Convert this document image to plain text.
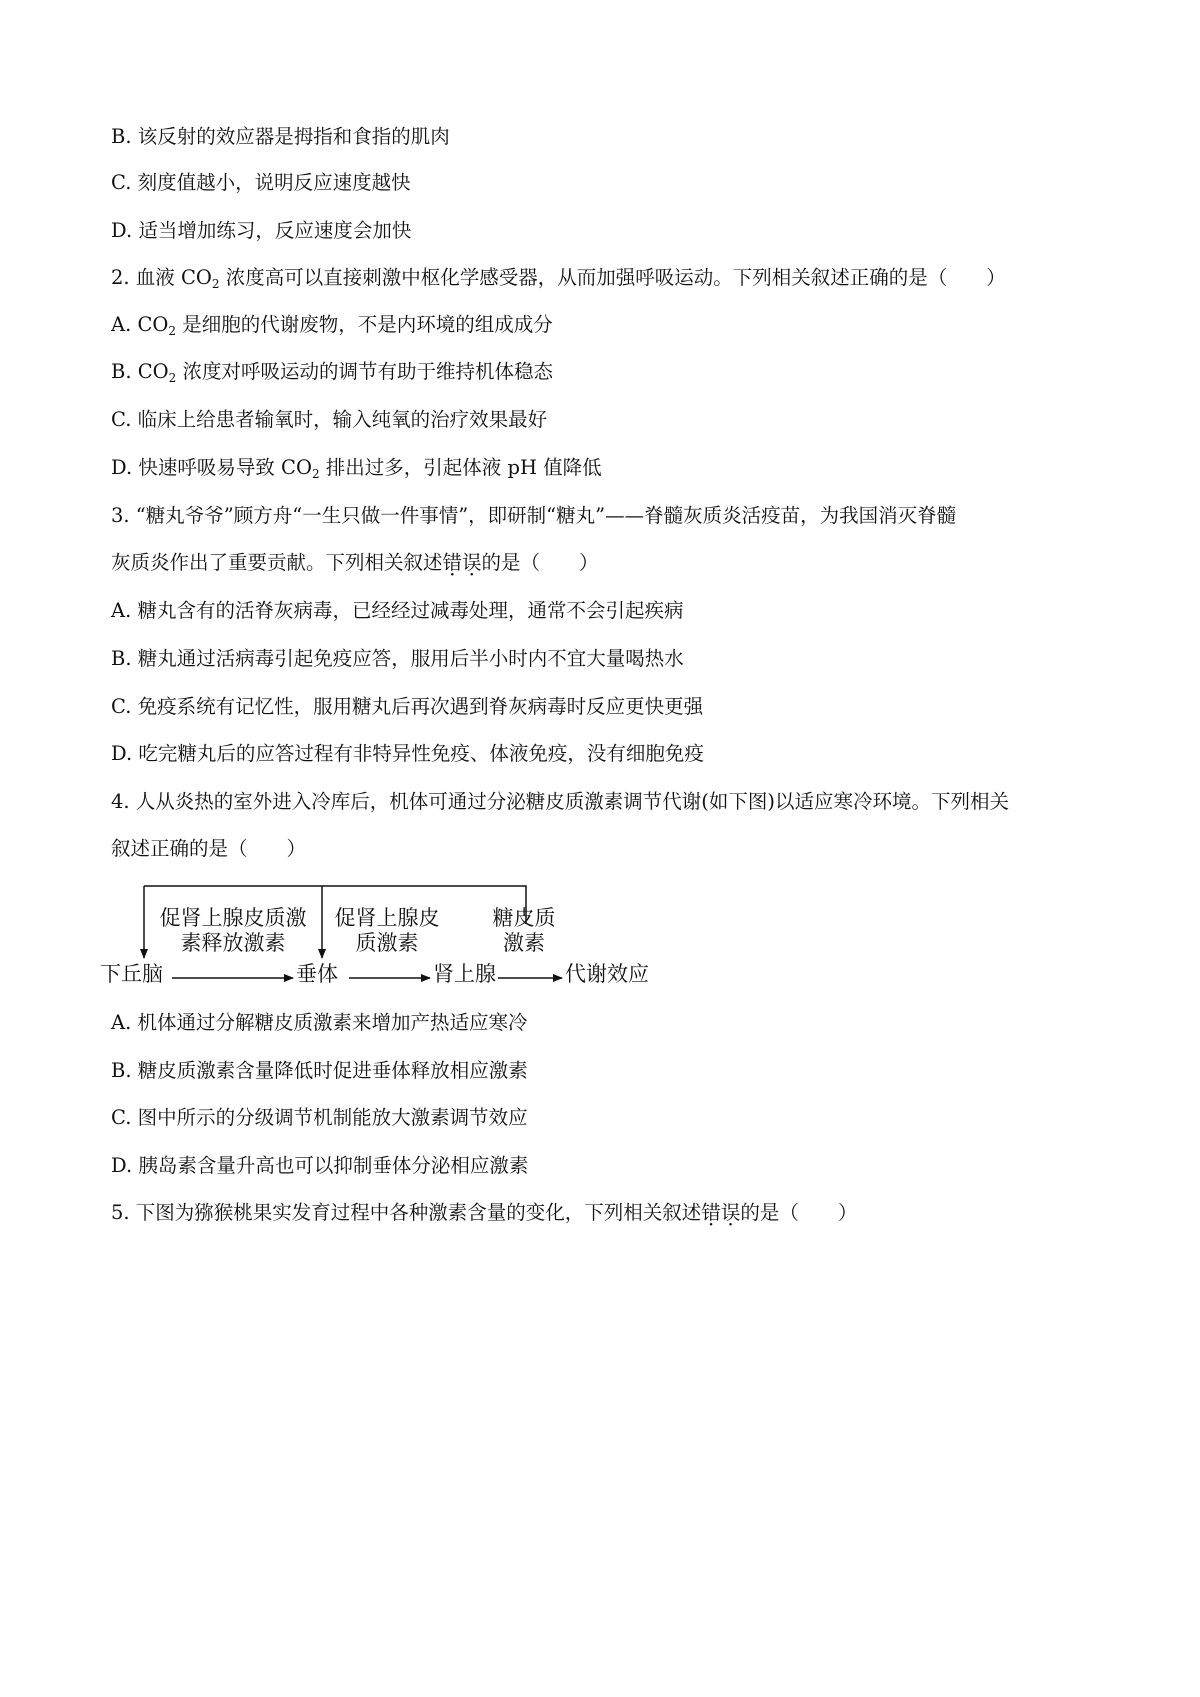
B. 该反射的效应器是拇指和食指的肌肉
C. 刻度值越小，说明反应速度越快
D. 适当增加练习，反应速度会加快
2. 血液 $CO_2$ 浓度高可以直接刺激中枢化学感受器，从而加强呼吸运动。下列相关叙述正确的是（　　）
A. $CO_2$ 是细胞的代谢废物，不是内环境的组成成分
B. $CO_2$ 浓度对呼吸运动的调节有助于维持机体稳态
C. 临床上给患者输氧时，输入纯氧的治疗效果最好
D. 快速呼吸易导致 $CO_2$ 排出过多，引起体液 pH 值降低
3. “糖丸爷爷”顾方舟“一生只做一件事情”，即研制“糖丸”——脊髓灰质炎活疫苗，为我国消灭脊髓
灰质炎作出了重要贡献。下列相关叙述错误的是（　　）
A. 糖丸含有的活脊灰病毒，已经经过减毒处理，通常不会引起疾病
B. 糖丸通过活病毒引起免疫应答，服用后半小时内不宜大量喝热水
C. 免疫系统有记忆性，服用糖丸后再次遇到脊灰病毒时反应更快更强
D. 吃完糖丸后的应答过程有非特异性免疫、体液免疫，没有细胞免疫
4. 人从炎热的室外进入冷库后，机体可通过分泌糖皮质激素调节代谢(如下图)以适应寒冷环境。下列相关
叙述正确的是（　　）
下丘脑	垂体	肾上腺	代谢效应
促肾上腺皮质激
素释放激素
促肾上腺皮
质激素
糖皮质
激素
A. 机体通过分解糖皮质激素来增加产热适应寒冷
B. 糖皮质激素含量降低时促进垂体释放相应激素
C. 图中所示的分级调节机制能放大激素调节效应
D. 胰岛素含量升高也可以抑制垂体分泌相应激素
5. 下图为猕猴桃果实发育过程中各种激素含量的变化，下列相关叙述错误的是（　　）
